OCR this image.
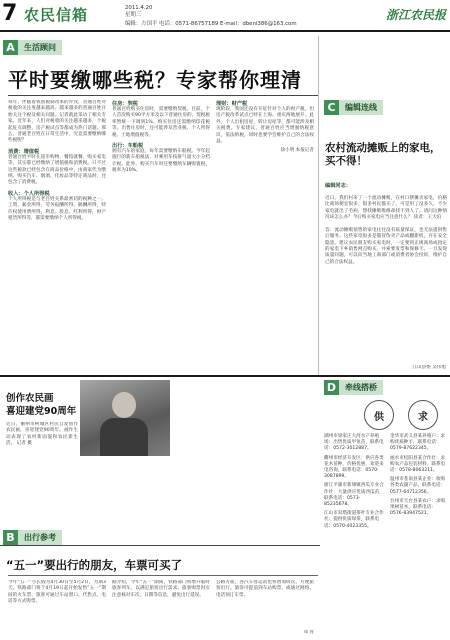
7 农民信箱	2011.4.20
星期三
编辑：方国平 电话：0571-86757189 E-mail：dbeni386@163.com
浙江农民报
A	生活顾问
平时要缴哪些税？专家帮你理清

每年，伴随着我国税制改革的步伐，普通百姓对税收的关注度越来越高。越来越多的普通百姓开始关注个税及相关问题。记者就此采访了相关专家。近年来，人们对税收的关注越来越多，个税起征点调整、房产税试点等都成为热门话题。那么，普通老百姓在日常生活中，究竟需要缴纳哪些税呢？

消费：增值税

普通百姓平时在超市购物、餐馆就餐、购买家电等，其实都已经缴纳了增值税和消费税。只不过这些税款已经包含在商品价格中，由商家代为缴纳。购买汽车、烟酒、化妆品等特定商品时，还包含了消费税。

收入：个人所得税

个人所得税是与老百姓关系最密切的税种之一。工资、薪金所得，劳务报酬所得，稿酬所得，特许权使用费所得，利息、股息、红利所得，财产租赁所得等，都需要缴纳个人所得税。

住房：契税

普通百姓购买住房时，需要缴纳契税。目前，个人首次购买90平方米及以下普通住房的，契税税率暂统一下调到1%。购买住房还需缴纳印花税等。出售住房时，还可能涉及营业税、个人所得税、土地增值税等。

出行：车船税

拥有汽车的家庭，每年需要缴纳车船税。今年起施行的新车船税法，对乘用车按排气量大小分档计税。此外，购买汽车时还要缴纳车辆购置税，税率为10%。

理财：财产税

现阶段，我国还没有开征针对个人的财产税。但房产税改革试点已经在上海、重庆两地展开。此外，个人出租房屋、转让房屋等，都可能涉及相关税费。专家建议，普通百姓应当增强纳税意识，依法纳税，同时也要学会维护自己的合法权益。

徐小明 本报记者

C	编辑连线
农村流动摊贩上的家电，买不得！

编辑同志：

近日，我们村来了一个流动摊贩，在村口摆摊卖家电，价格比商场便宜很多，很多村民都买了。可是用了没多久，不少家电就出了毛病，想找摊贩维修却找不到人了。请问这种情况该怎么办？今后购买家电应当注意什么？ 读者：王大伯

答：流动摊贩销售的家电往往没有质量保证，也无法提供售后服务。这些家电很多是假冒伪劣产品或翻新机，存在安全隐患。建议农民朋友购买家电时，一定要到正规商场或指定的家电下乡销售网点购买，并索要发票和保修卡。一旦发现质量问题，可以向当地工商部门或消费者协会投诉，维护自己的合法权益。

江山县委 吴伟旭
创作农民画
喜迎建党90周年
近日，衢州市柯城区村民自发创作农民画，喜迎建党90周年。画作生动表现了农村新面貌和农民新生活。 记者 摄
B	出行参考
“五一”要出行的朋友，车票可买了
今年“五一”小长假为4月30日至5月2日，为期3天。铁路部门将于4月19日起开始发售“五一”期间的火车票，旅客可通过车站窗口、代售点、电话等方式购票。
据介绍，今年“五一”期间，铁路部门将增开临时旅客列车，以满足旅客出行需求。旅客购票时应注意核对车次、日期等信息，避免出行延误。
公路方面，各汽车客运站也将增加班次，方便旅客出行。旅客可提前到车站购票，或通过网络、电话预订车票。
邓 青
D	牵线搭桥
供

湖州市梁家庄大河水产养殖场：出售优质甲鱼苗，联系电话：0572-3012887。

衢州市经济开发区：供应各类花木苗种，价格优惠，欢迎来电咨询，联系电话：0570-3087899。

浙江平湖市新埭镇西瓜专业合作社：大量供应优质西瓜苗，联系电话：0573-85235678。

江山市双塔街道茶叶专业合作社：提供优质绿茶，联系电话：0570-4023355。

求

金华市武义县某养殖户：求购优质种羊，联系电话：0579-87622345。

丽水市松阳县某合作社：求购农产品包装材料，联系电话：0578-8063211。

温州市苍南县某企业：收购各类农副产品，联系电话：0577-64712356。

台州市天台县某农户：求购果树苗木，联系电话：0576-83947521。
